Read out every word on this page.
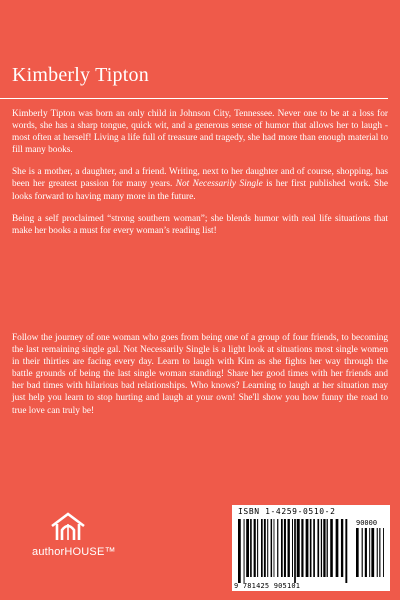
Kimberly Tipton

Kimberly Tipton was born an only child in Johnson City, Tennessee. Never one to be at a loss for words, she has a sharp tongue, quick wit, and a generous sense of humor that allows her to laugh - most often at herself! Living a life full of treasure and tragedy, she had more than enough material to fill many books.

She is a mother, a daughter, and a friend. Writing, next to her daughter and of course, shopping, has been her greatest passion for many years. Not Necessarily Single is her first published work. She looks forward to having many more in the future.

Being a self proclaimed “strong southern woman”; she blends humor with real life situations that make her books a must for every woman’s reading list!

Follow the journey of one woman who goes from being one of a group of four friends, to becoming the last remaining single gal. Not Necessarily Single is a light look at situations most single women in their thirties are facing every day. Learn to laugh with Kim as she fights her way through the battle grounds of being the last single woman standing! Share her good times with her friends and her bad times with hilarious bad relationships. Who knows? Learning to laugh at her situation may just help you learn to stop hurting and laugh at your own! She'll show you how funny the road to true love can truly be!

authorHOUSE™
ISBN 1-4259-0510-2
90000
9 781425 905101
